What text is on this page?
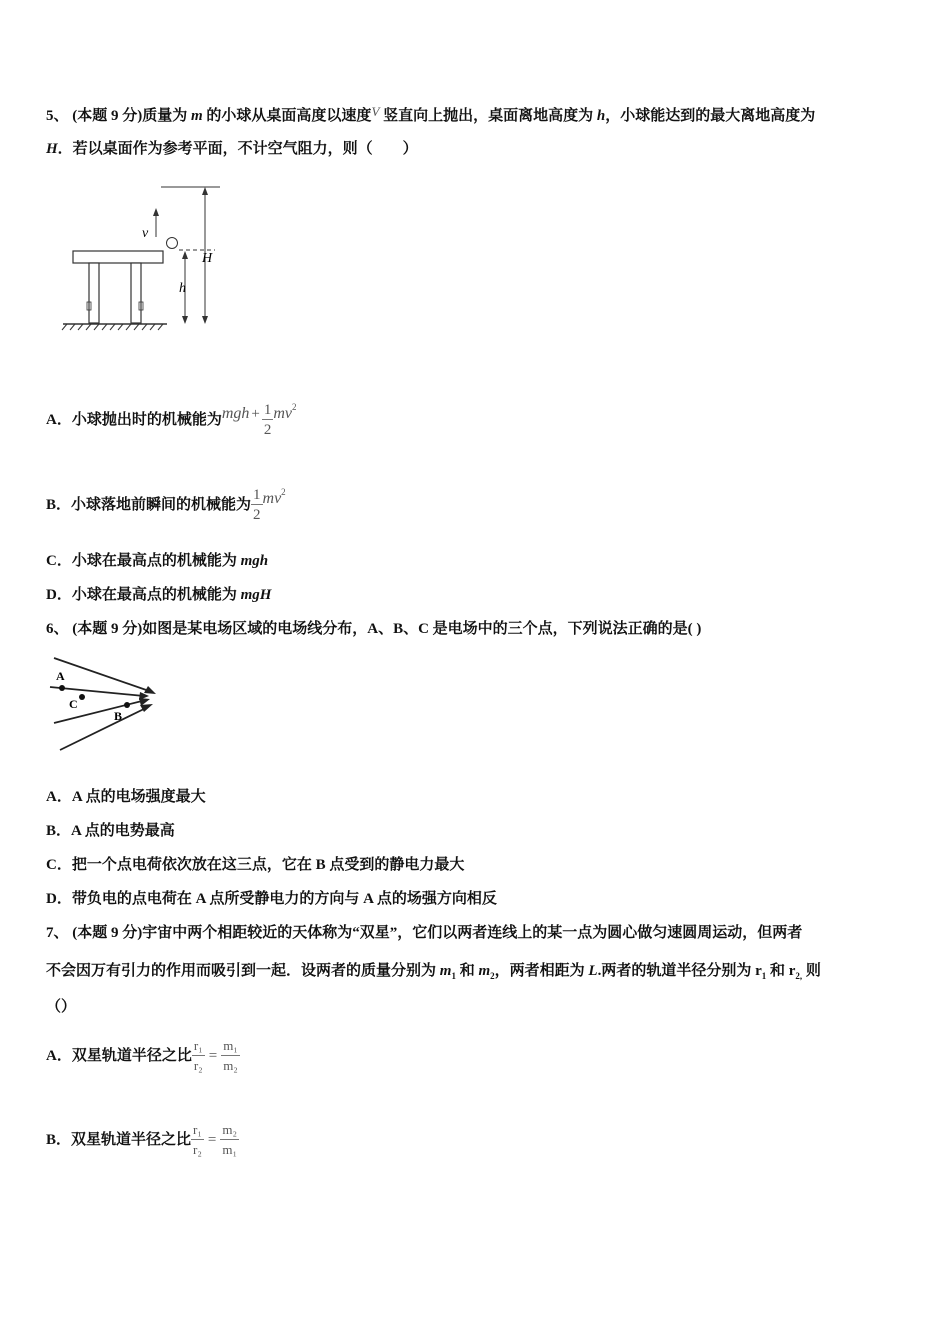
5、 (本题 9 分)质量为 m 的小球从桌面高度以速度V 竖直向上抛出，桌面离地高度为 h，小球能达到的最大离地高度为
H．若以桌面作为参考平面，不计空气阻力，则（　　）
H
v
h
A．小球抛出时的机械能为mgh + $\frac{1}{2} mv^2$
B．小球落地前瞬间的机械能为 $\frac{1}{2} mv^2$
C．小球在最高点的机械能为 mgh
D．小球在最高点的机械能为 mgH
6、 (本题 9 分)如图是某电场区域的电场线分布，A、B、C 是电场中的三个点，下列说法正确的是( )
A
C
B
A．A 点的电场强度最大
B．A 点的电势最高
C．把一个点电荷依次放在这三点，它在 B 点受到的静电力最大
D．带负电的点电荷在 A 点所受静电力的方向与 A 点的场强方向相反
7、 (本题 9 分)宇宙中两个相距较近的天体称为“双星”，它们以两者连线上的某一点为圆心做匀速圆周运动，但两者
不会因万有引力的作用而吸引到一起．设两者的质量分别为 $m_1$ 和 $m_2$，两者相距为 L.两者的轨道半径分别为 $r_1$ 和 $r_{2,}$ 则
（）
A．双星轨道半径之比 $\frac{\text{r₁}}{\text{r₂}} = \frac{\text{m₁}}{\text{m₂}}$
B．双星轨道半径之比 $\frac{\text{r₁}}{\text{r₂}} = \frac{\text{m₂}}{\text{m₁}}$
